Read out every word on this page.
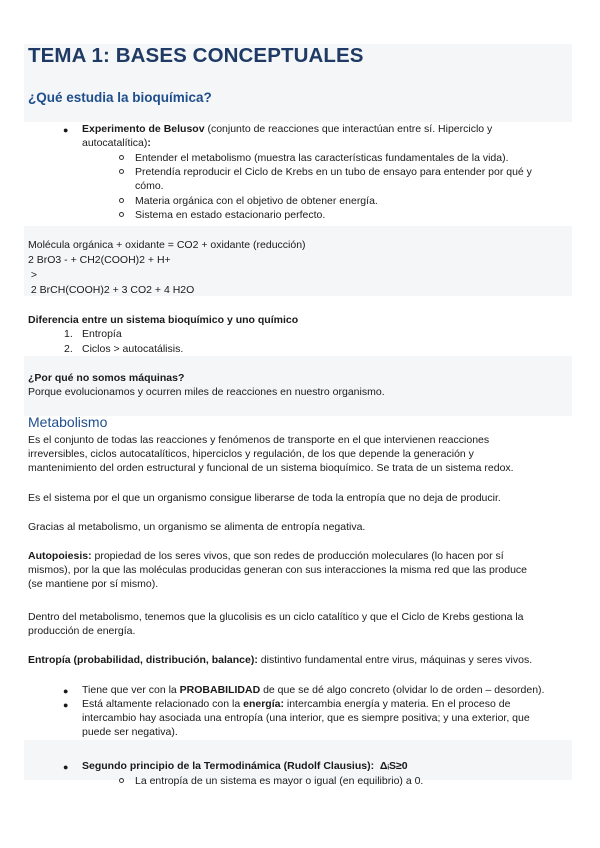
TEMA 1: BASES CONCEPTUALES
¿Qué estudia la bioquímica?
● Experimento de Belusov (conjunto de reacciones que interactúan entre sí. Hiperciclo y
autocatalítica):
Entender el metabolismo (muestra las características fundamentales de la vida).
Pretendía reproducir el Ciclo de Krebs en un tubo de ensayo para entender por qué y
cómo.
Materia orgánica con el objetivo de obtener energía.
Sistema en estado estacionario perfecto.
Molécula orgánica + oxidante = CO2 + oxidante (reducción)
2 BrO3 - + CH2(COOH)2 + H+
>
2 BrCH(COOH)2 + 3 CO2 + 4 H2O
Diferencia entre un sistema bioquímico y uno químico
1. Entropía
2. Ciclos > autocatálisis.
¿Por qué no somos máquinas?
Porque evolucionamos y ocurren miles de reacciones en nuestro organismo.
Metabolismo
Es el conjunto de todas las reacciones y fenómenos de transporte en el que intervienen reacciones
irreversibles, ciclos autocatalíticos, hiperciclos y regulación, de los que depende la generación y
mantenimiento del orden estructural y funcional de un sistema bioquímico. Se trata de un sistema redox.
Es el sistema por el que un organismo consigue liberarse de toda la entropía que no deja de producir.
Gracias al metabolismo, un organismo se alimenta de entropía negativa.
Autopoiesis: propiedad de los seres vivos, que son redes de producción moleculares (lo hacen por sí
mismos), por la que las moléculas producidas generan con sus interacciones la misma red que las produce
(se mantiene por sí mismo).
Dentro del metabolismo, tenemos que la glucolisis es un ciclo catalítico y que el Ciclo de Krebs gestiona la
producción de energía.
Entropía (probabilidad, distribución, balance): distintivo fundamental entre virus, máquinas y seres vivos.
● Tiene que ver con la PROBABILIDAD de que se dé algo concreto (olvidar lo de orden – desorden).
● Está altamente relacionado con la energía: intercambia energía y materia. En el proceso de
intercambio hay asociada una entropía (una interior, que es siempre positiva; y una exterior, que
puede ser negativa).
● Segundo principio de la Termodinámica (Rudolf Clausius): ΔᵢS≥0
La entropía de un sistema es mayor o igual (en equilibrio) a 0.
